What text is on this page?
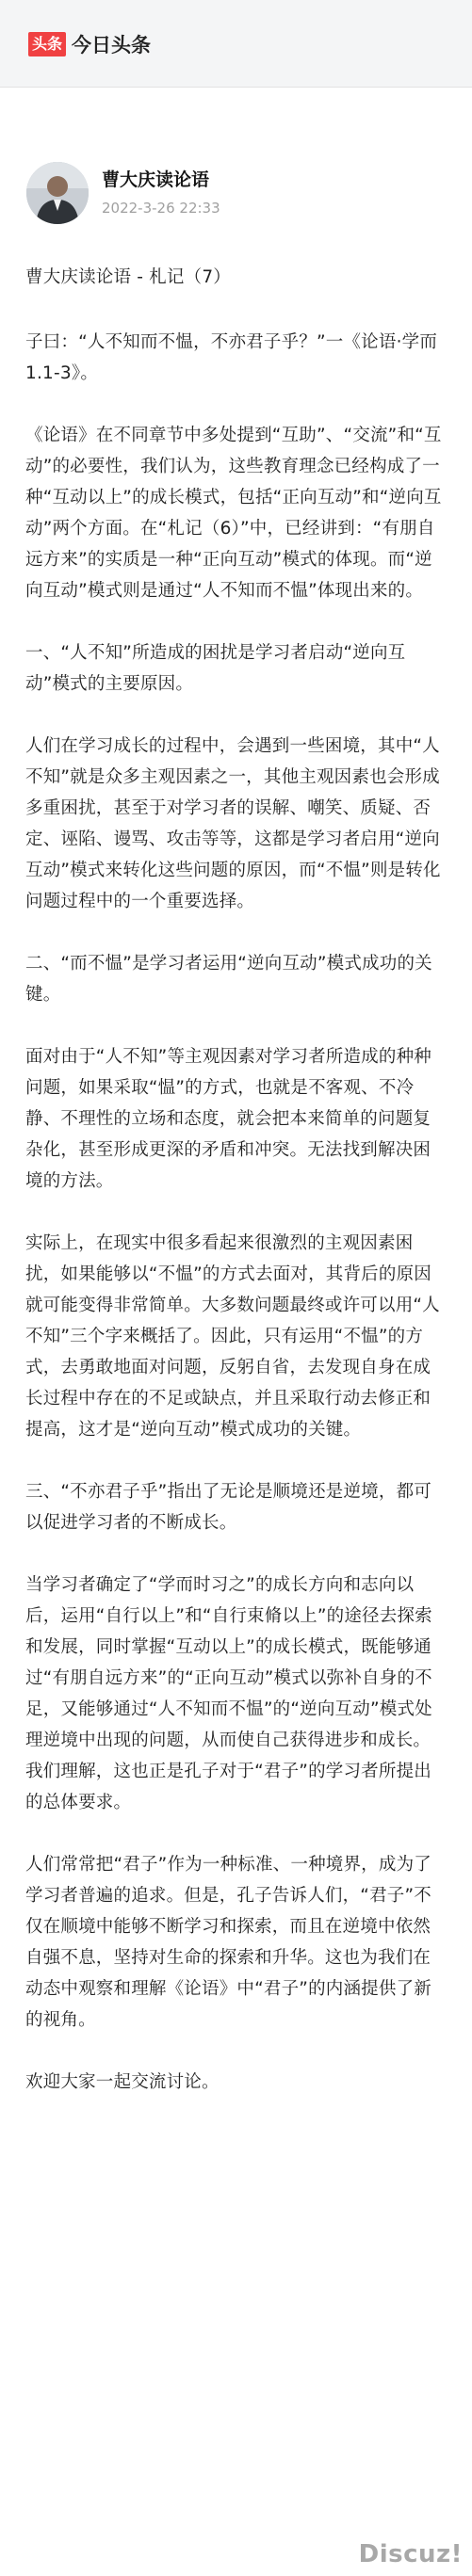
头条 今日头条
曹大庆读论语
2022-3-26 22:33

曹大庆读论语 - 札记（7）

子曰：“人不知而不愠，不亦君子乎？”一《论语·学而1.1-3》。

《论语》在不同章节中多处提到“互助”、“交流”和“互动”的必要性，我们认为，这些教育理念已经构成了一种“互动以上”的成长模式，包括“正向互动”和“逆向互动”两个方面。在“札记（6）”中，已经讲到：“有朋自远方来”的实质是一种“正向互动”模式的体现。而“逆向互动”模式则是通过“人不知而不愠”体现出来的。

一、“人不知”所造成的困扰是学习者启动“逆向互动”模式的主要原因。

人们在学习成长的过程中，会遇到一些困境，其中“人不知”就是众多主观因素之一，其他主观因素也会形成多重困扰，甚至于对学习者的误解、嘲笑、质疑、否定、诬陷、谩骂、攻击等等，这都是学习者启用“逆向互动”模式来转化这些问题的原因，而“不愠”则是转化问题过程中的一个重要选择。

二、“而不愠”是学习者运用“逆向互动”模式成功的关键。

面对由于“人不知”等主观因素对学习者所造成的种种问题，如果采取“愠”的方式，也就是不客观、不冷静、不理性的立场和态度，就会把本来简单的问题复杂化，甚至形成更深的矛盾和冲突。无法找到解决困境的方法。

实际上，在现实中很多看起来很激烈的主观因素困扰，如果能够以“不愠”的方式去面对，其背后的原因就可能变得非常简单。大多数问题最终或许可以用“人不知”三个字来概括了。因此，只有运用“不愠”的方式，去勇敢地面对问题，反躬自省，去发现自身在成长过程中存在的不足或缺点，并且采取行动去修正和提高，这才是“逆向互动”模式成功的关键。

三、“不亦君子乎”指出了无论是顺境还是逆境，都可以促进学习者的不断成长。

当学习者确定了“学而时习之”的成长方向和志向以后，运用“自行以上”和“自行束脩以上”的途径去探索和发展，同时掌握“互动以上”的成长模式，既能够通过“有朋自远方来”的“正向互动”模式以弥补自身的不足，又能够通过“人不知而不愠”的“逆向互动”模式处理逆境中出现的问题，从而使自己获得进步和成长。我们理解，这也正是孔子对于“君子”的学习者所提出的总体要求。

人们常常把“君子”作为一种标准、一种境界，成为了学习者普遍的追求。但是，孔子告诉人们，“君子”不仅在顺境中能够不断学习和探索，而且在逆境中依然自强不息，坚持对生命的探索和升华。这也为我们在动态中观察和理解《论语》中“君子”的内涵提供了新的视角。

欢迎大家一起交流讨论。

Discuz!
